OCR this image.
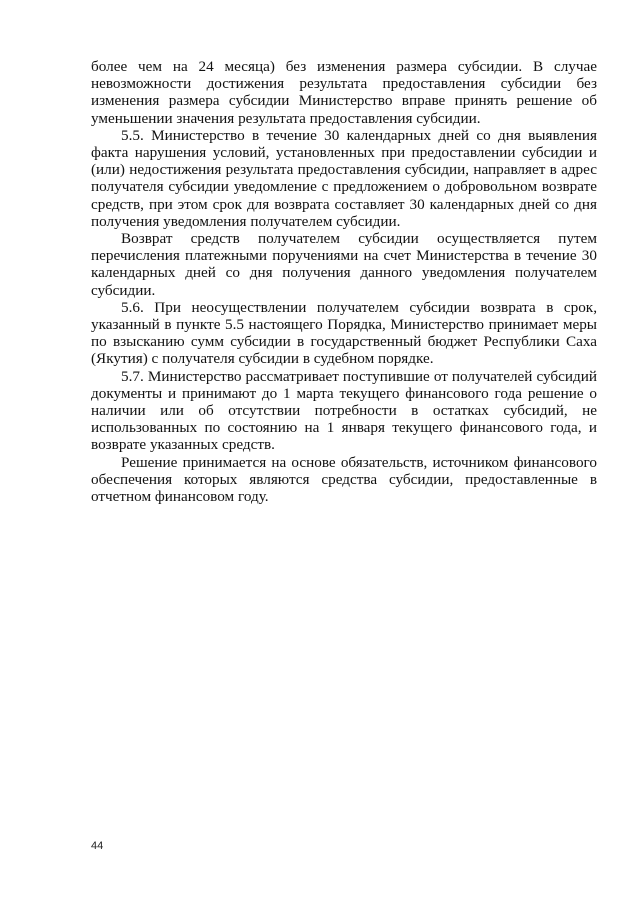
более чем на 24 месяца) без изменения размера субсидии. В случае невозможности достижения результата предоставления субсидии без изменения размера субсидии Министерство вправе принять решение об уменьшении значения результата предоставления субсидии.

5.5. Министерство в течение 30 календарных дней со дня выявления факта нарушения условий, установленных при предоставлении субсидии и (или) недостижения результата предоставления субсидии, направляет в адрес получателя субсидии уведомление с предложением о добровольном возврате средств, при этом срок для возврата составляет 30 календарных дней со дня получения уведомления получателем субсидии.

Возврат средств получателем субсидии осуществляется путем перечисления платежными поручениями на счет Министерства в течение 30 календарных дней со дня получения данного уведомления получателем субсидии.

5.6. При неосуществлении получателем субсидии возврата в срок, указанный в пункте 5.5 настоящего Порядка, Министерство принимает меры по взысканию сумм субсидии в государственный бюджет Республики Саха (Якутия) с получателя субсидии в судебном порядке.

5.7. Министерство рассматривает поступившие от получателей субсидий документы и принимают до 1 марта текущего финансового года решение о наличии или об отсутствии потребности в остатках субсидий, не использованных по состоянию на 1 января текущего финансового года, и возврате указанных средств.

Решение принимается на основе обязательств, источником финансового обеспечения которых являются средства субсидии, предоставленные в отчетном финансовом году.

44
